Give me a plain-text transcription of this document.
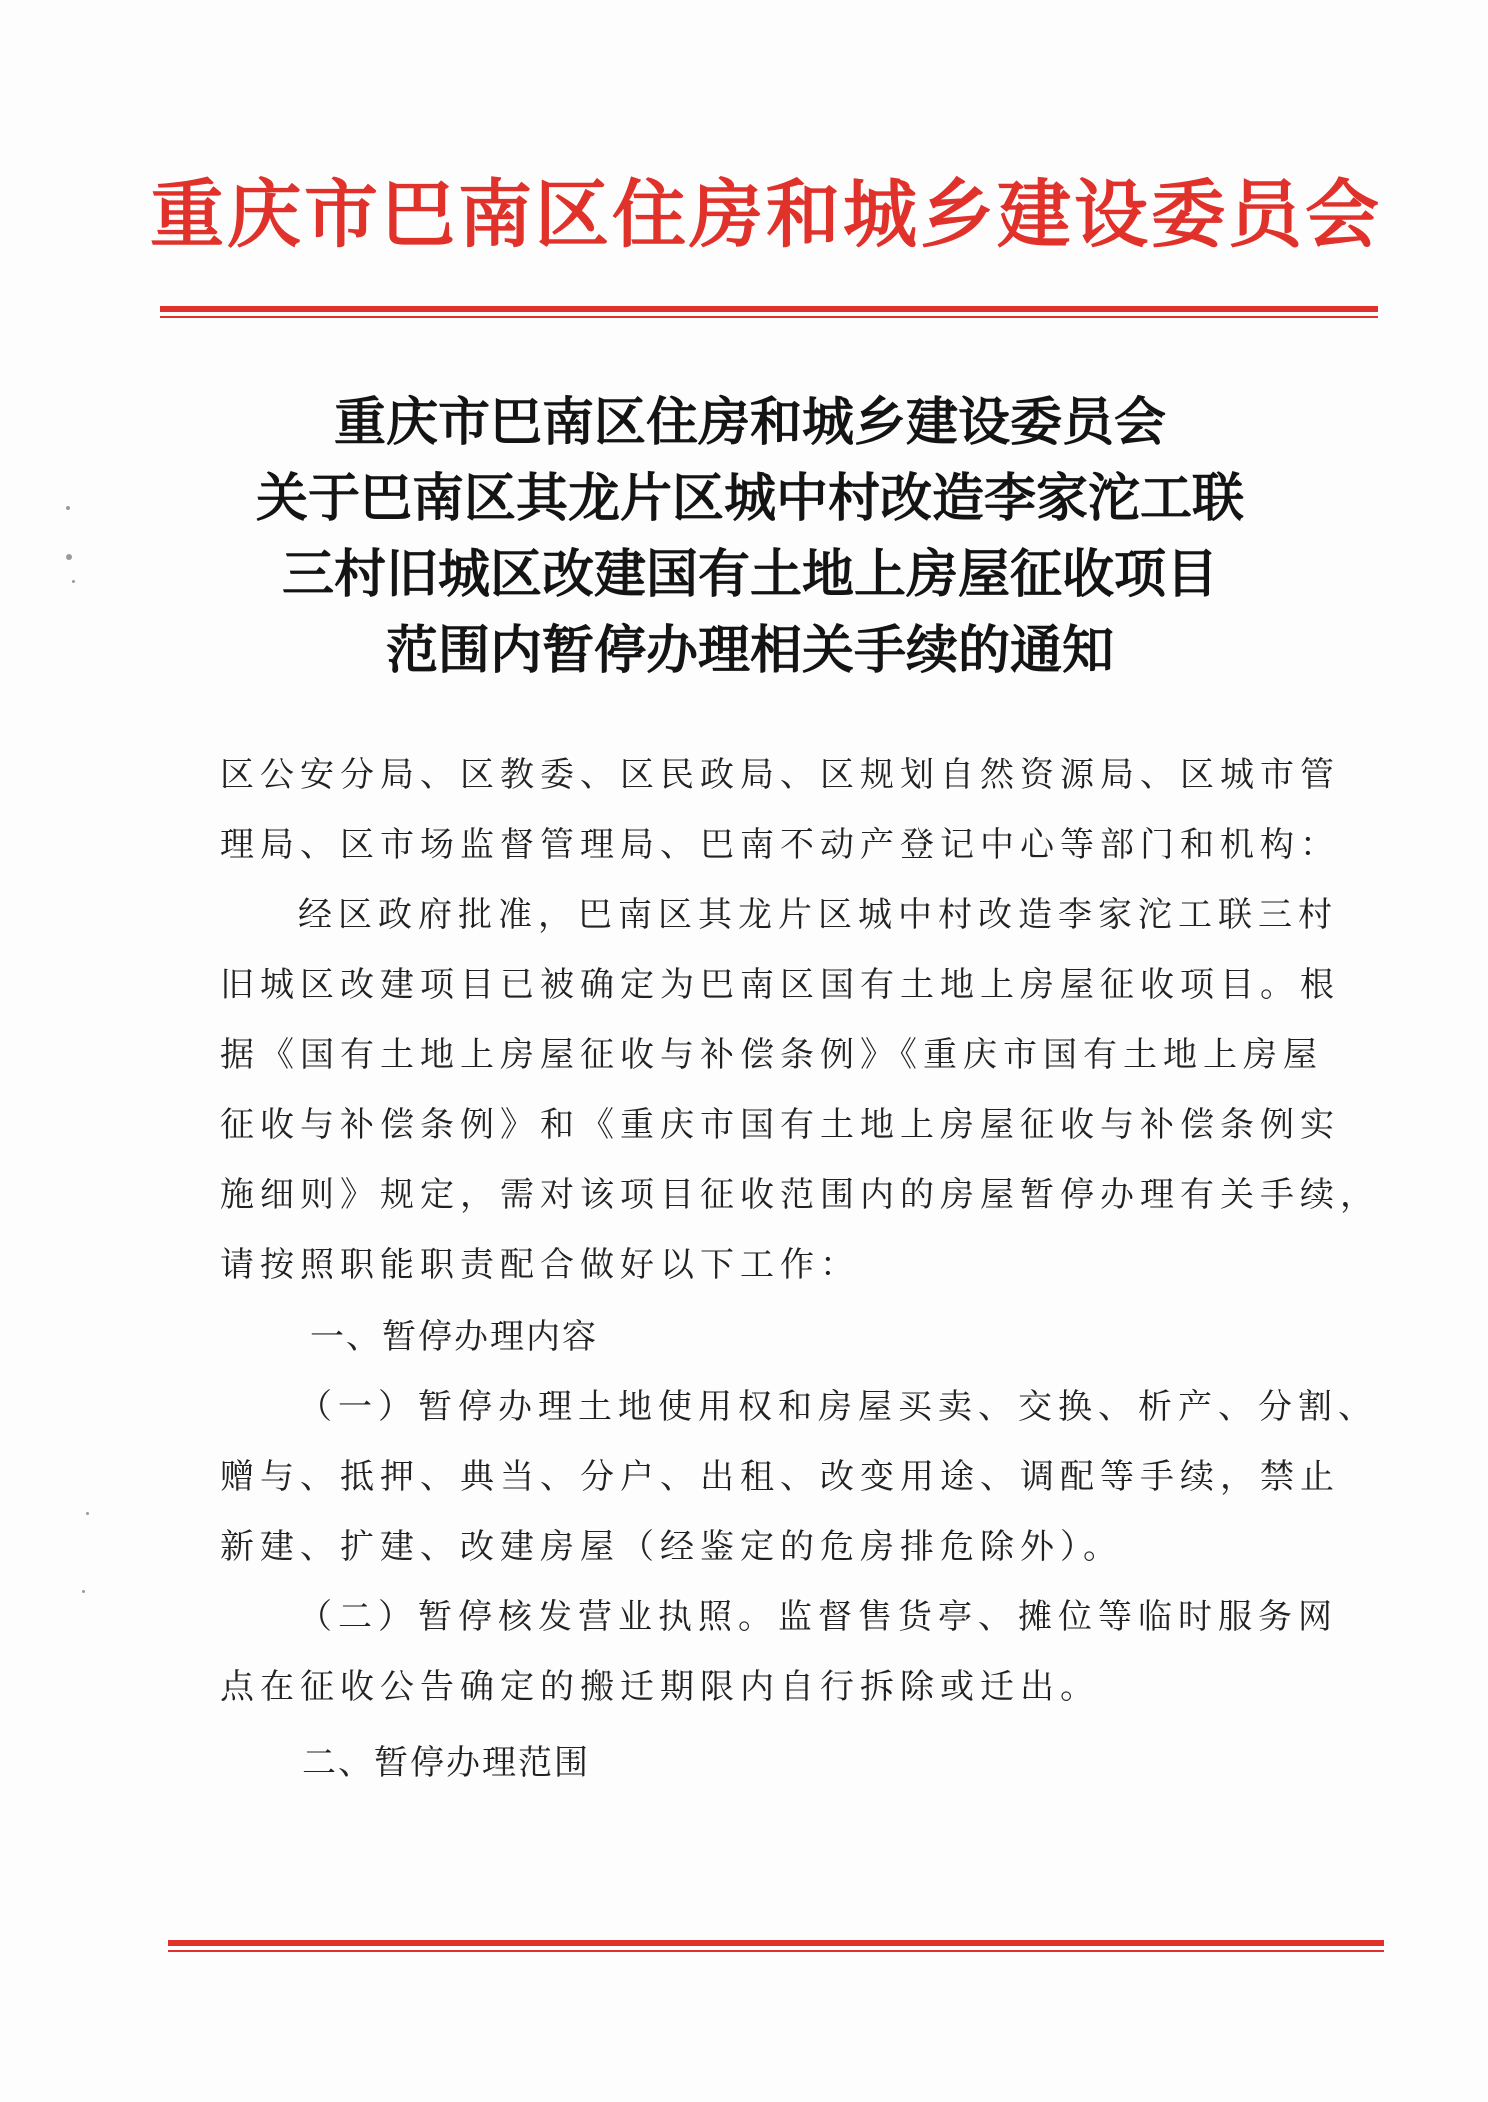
重庆市巴南区住房和城乡建设委员会
重庆市巴南区住房和城乡建设委员会
关于巴南区其龙片区城中村改造李家沱工联
三村旧城区改建国有土地上房屋征收项目
范围内暂停办理相关手续的通知
区公安分局、区教委、区民政局、区规划自然资源局、区城市管
理局、区市场监督管理局、巴南不动产登记中心等部门和机构：
经区政府批准，巴南区其龙片区城中村改造李家沱工联三村
旧城区改建项目已被确定为巴南区国有土地上房屋征收项目。根
据《国有土地上房屋征收与补偿条例》《重庆市国有土地上房屋
征收与补偿条例》和《重庆市国有土地上房屋征收与补偿条例实
施细则》规定，需对该项目征收范围内的房屋暂停办理有关手续，
请按照职能职责配合做好以下工作：
一、暂停办理内容
（一）暂停办理土地使用权和房屋买卖、交换、析产、分割、
赠与、抵押、典当、分户、出租、改变用途、调配等手续，禁止
新建、扩建、改建房屋（经鉴定的危房排危除外）。
（二）暂停核发营业执照。监督售货亭、摊位等临时服务网
点在征收公告确定的搬迁期限内自行拆除或迁出。
二、暂停办理范围
